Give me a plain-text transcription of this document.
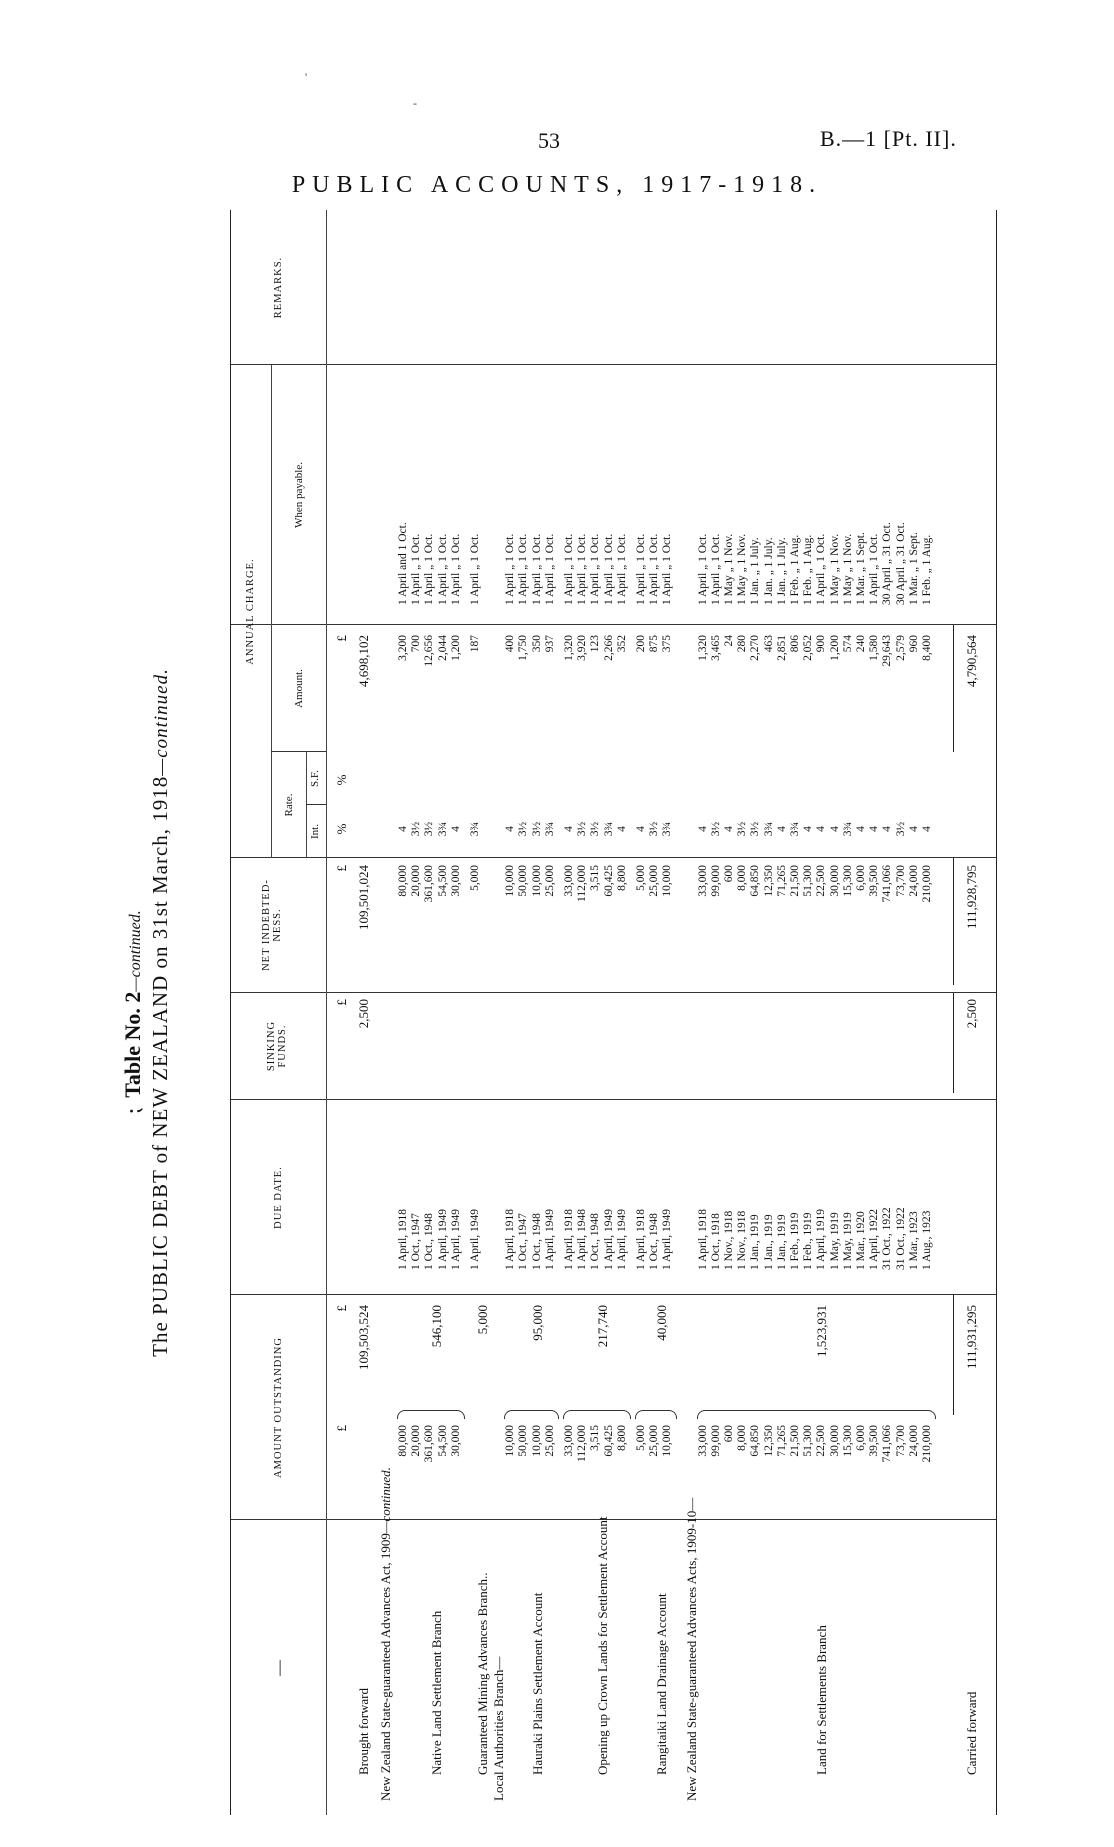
53	B.—1 [Pt. II].
PUBLIC ACCOUNTS, 1917-1918.
'
-
⁏ Table No. 2—continued. The PUBLIC DEBT of NEW ZEALAND on 31st March, 1918—continued.
—
AMOUNT OUTSTANDING
DUE DATE.
SINKING FUNDS.
NET INDEBTED-NESS.
ANNUAL CHARGE.
Rate.
Int.
S.F.
Amount.
When payable.
REMARKS.
£
£
£
£
%
%
£
Brought forward
109,503,524
2,500
109,501,024
4,698,102
New Zealand State-guaranteed Advances Act, 1909—continued.
80,000
1 April, 1918
80,000
4
3,200
1 April and 1 Oct.
20,000
1 Oct., 1947
20,000
3½
700
1 April „ 1 Oct.
361,600
1 Oct., 1948
361,600
3½
12,656
1 April „ 1 Oct.
54,500
1 April, 1949
54,500
3¾
2,044
1 April „ 1 Oct.
30,000
1 April, 1949
30,000
4
1,200
1 April „ 1 Oct.
Native Land Settlement Branch
546,100
1 April, 1949
5,000
3¾
187
1 April „ 1 Oct.
Guaranteed Mining Advances Branch..
5,000
Local Authorities Branch—
10,000
1 April, 1918
10,000
4
400
1 April „ 1 Oct.
50,000
1 Oct., 1947
50,000
3½
1,750
1 April „ 1 Oct.
10,000
1 Oct., 1948
10,000
3½
350
1 April „ 1 Oct.
25,000
1 April, 1949
25,000
3¾
937
1 April „ 1 Oct.
Hauraki Plains Settlement Account
95,000
33,000
1 April, 1918
33,000
4
1,320
1 April „ 1 Oct.
112,000
1 April, 1948
112,000
3½
3,920
1 April „ 1 Oct.
3,515
1 Oct., 1948
3,515
3½
123
1 April „ 1 Oct.
60,425
1 April, 1949
60,425
3¾
2,266
1 April „ 1 Oct.
8,800
1 April, 1949
8,800
4
352
1 April „ 1 Oct.
Opening up Crown Lands for Settlement Account
217,740
5,000
1 April, 1918
5,000
4
200
1 April „ 1 Oct.
25,000
1 Oct., 1948
25,000
3½
875
1 April „ 1 Oct.
10,000
1 April, 1949
10,000
3¾
375
1 April „ 1 Oct.
Rangitaiki Land Drainage Account
40,000
New Zealand State-guaranteed Advances Acts, 1909-10—
33,000
1 April, 1918
33,000
4
1,320
1 April „ 1 Oct.
99,000
1 Oct., 1918
99,000
3½
3,465
1 April „ 1 Oct.
600
1 Nov., 1918
600
4
24
1 May „ 1 Nov.
8,000
1 Nov., 1918
8,000
3½
280
1 May „ 1 Nov.
64,850
1 Jan., 1919
64,850
3½
2,270
1 Jan. „ 1 July.
12,350
1 Jan., 1919
12,350
3¾
463
1 Jan. „ 1 July.
71,265
1 Jan., 1919
71,265
4
2,851
1 Jan. „ 1 July.
21,500
1 Feb., 1919
21,500
3¾
806
1 Feb. „ 1 Aug.
51,300
1 Feb., 1919
51,300
4
2,052
1 Feb. „ 1 Aug.
22,500
1 April, 1919
22,500
4
900
1 April „ 1 Oct.
30,000
1 May, 1919
30,000
4
1,200
1 May „ 1 Nov.
15,300
1 May, 1919
15,300
3¾
574
1 May „ 1 Nov.
6,000
1 Mar., 1920
6,000
4
240
1 Mar. „ 1 Sept.
39,500
1 April, 1922
39,500
4
1,580
1 April „ 1 Oct.
741,066
31 Oct., 1922
741,066
4
29,643
30 April „ 31 Oct.
73,700
31 Oct., 1922
73,700
3½
2,579
30 April „ 31 Oct.
24,000
1 Mar., 1923
24,000
4
960
1 Mar. „ 1 Sept.
210,000
1 Aug., 1923
210,000
4
8,400
1 Feb. „ 1 Aug.
Land for Settlements Branch
1,523,931
Carried forward
111,931,295
2,500
111,928,795
4,790,564
